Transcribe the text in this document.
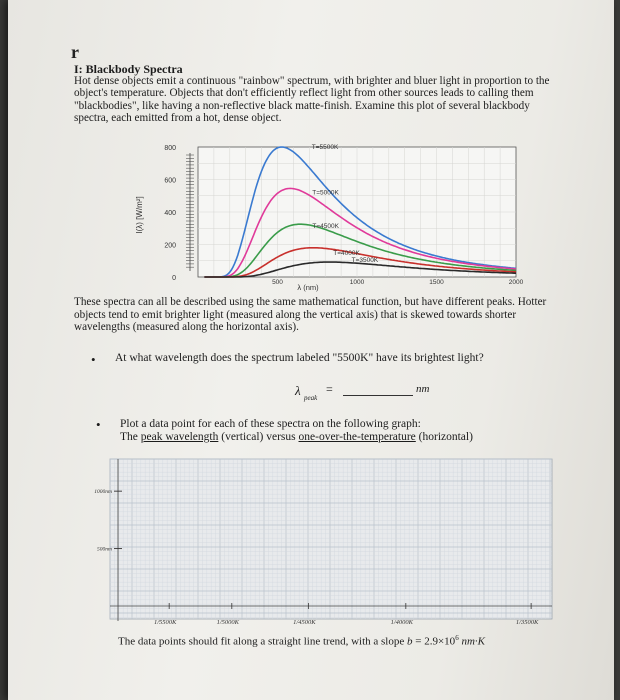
r
I: Blackbody Spectra
Hot dense objects emit a continuous "rainbow" spectrum, with brighter and bluer light in proportion to the object's temperature. Objects that don't efficiently reflect light from other sources leads to calling them "blackbodies", like having a non-reflective black matte-finish. Examine this plot of several blackbody spectra, each emitted from a hot, dense object.
T=5500K
T=5000K
T=4500K
T=4000K
T=3500K
800
600
400
200
0
500	1000	1500	2000
I(λ) [W/m²]
λ (nm)
These spectra can all be described using the same mathematical function, but have different peaks. Hotter objects tend to emit brighter light (measured along the vertical axis) that is skewed towards shorter wavelengths (measured along the horizontal axis).
• At what wavelength does the spectrum labeled "5500K" have its brightest light?
λ peak
=	nm
• Plot a data point for each of these spectra on the following graph:
The peak wavelength (vertical) versus one-over-the-temperature (horizontal)
1000nm
500nm
1/5500K	1/5000K	1/4500K	1/4000K	1/3500K
The data points should fit along a straight line trend, with a slope $b = 2.9\times 10^6$ nm·K
